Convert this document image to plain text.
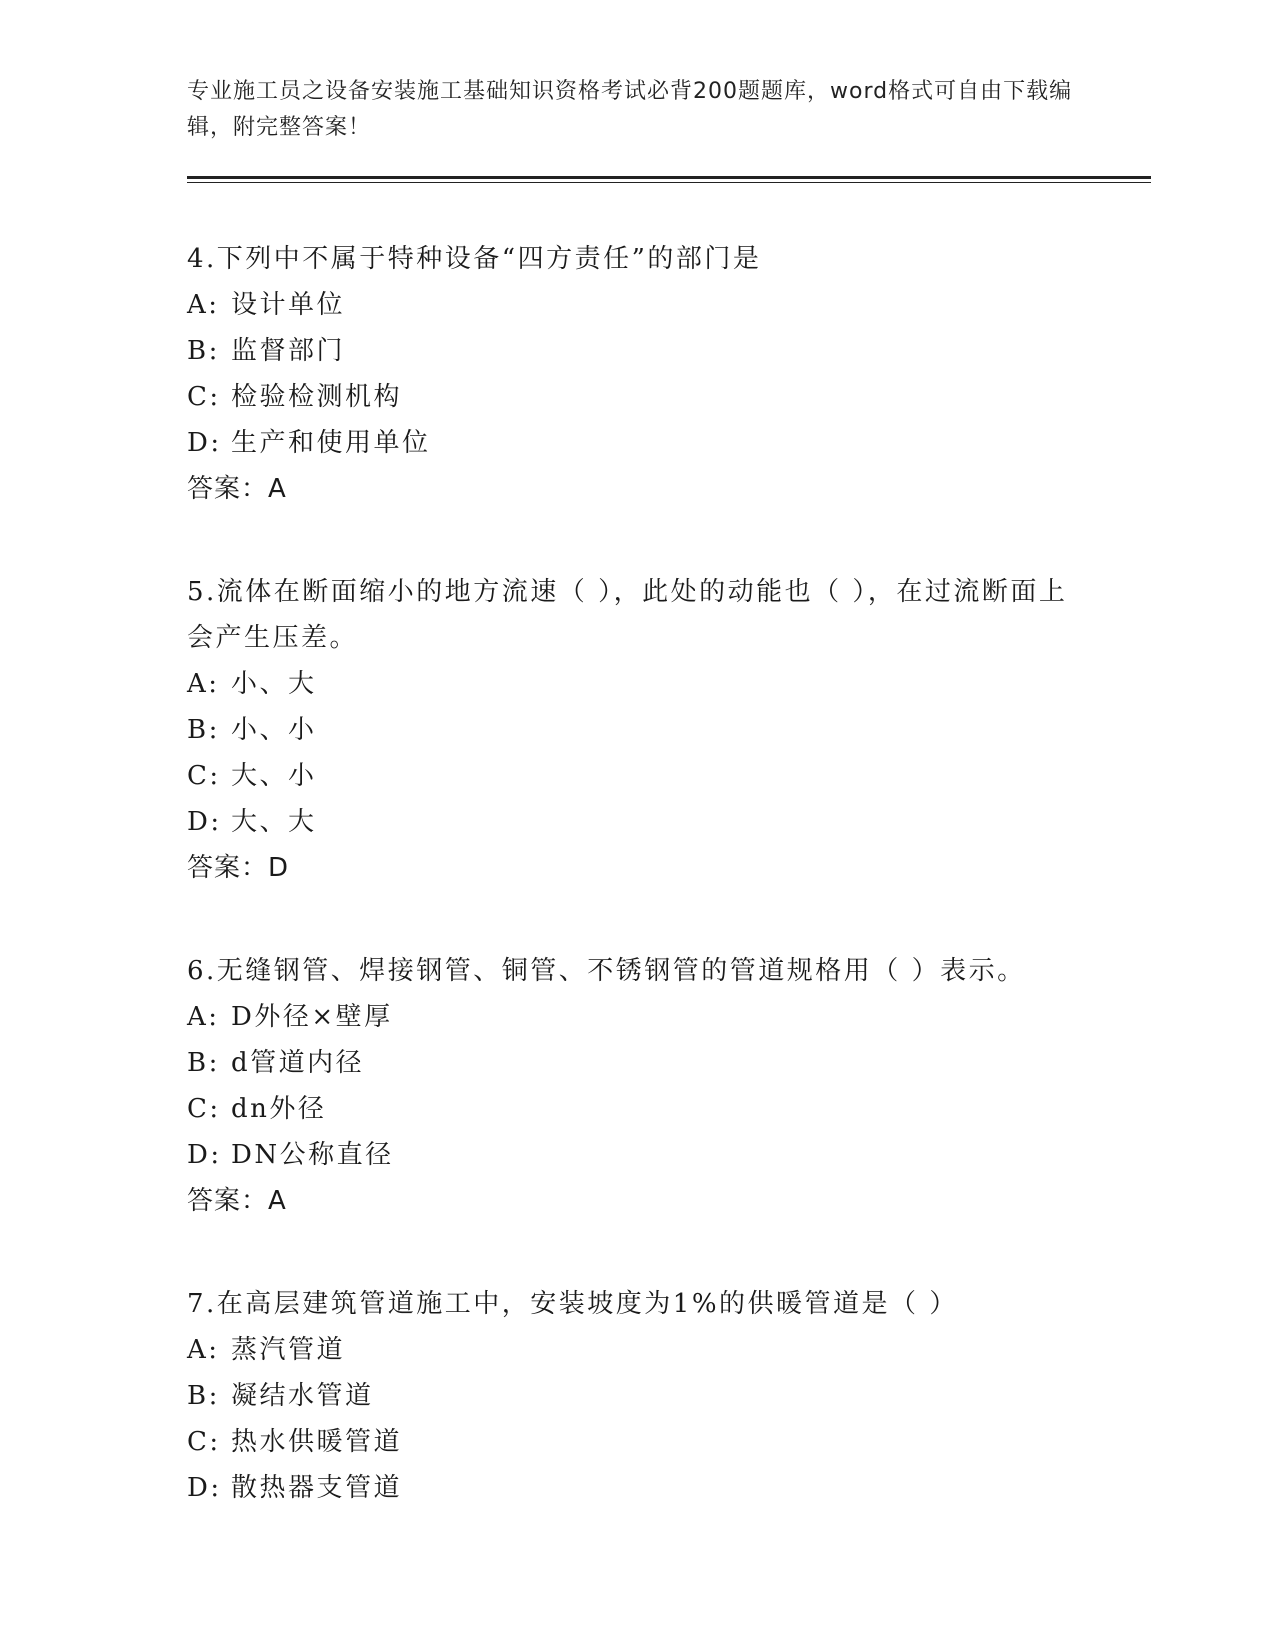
专业施工员之设备安装施工基础知识资格考试必背200题题库，word格式可自由下载编辑，附完整答案！

4.下列中不属于特种设备“四方责任”的部门是

A: 设计单位

B: 监督部门

C: 检验检测机构

D: 生产和使用单位

答案：A

5.流体在断面缩小的地方流速（ ），此处的动能也（ ），在过流断面上会产生压差。

A: 小、大

B: 小、小

C: 大、小

D: 大、大

答案：D

6.无缝钢管、焊接钢管、铜管、不锈钢管的管道规格用（ ）表示。

A: D外径×壁厚

B: d管道内径

C: dn外径

D: DN公称直径

答案：A

7.在高层建筑管道施工中，安装坡度为1%的供暖管道是（ ）

A: 蒸汽管道

B: 凝结水管道

C: 热水供暖管道

D: 散热器支管道
